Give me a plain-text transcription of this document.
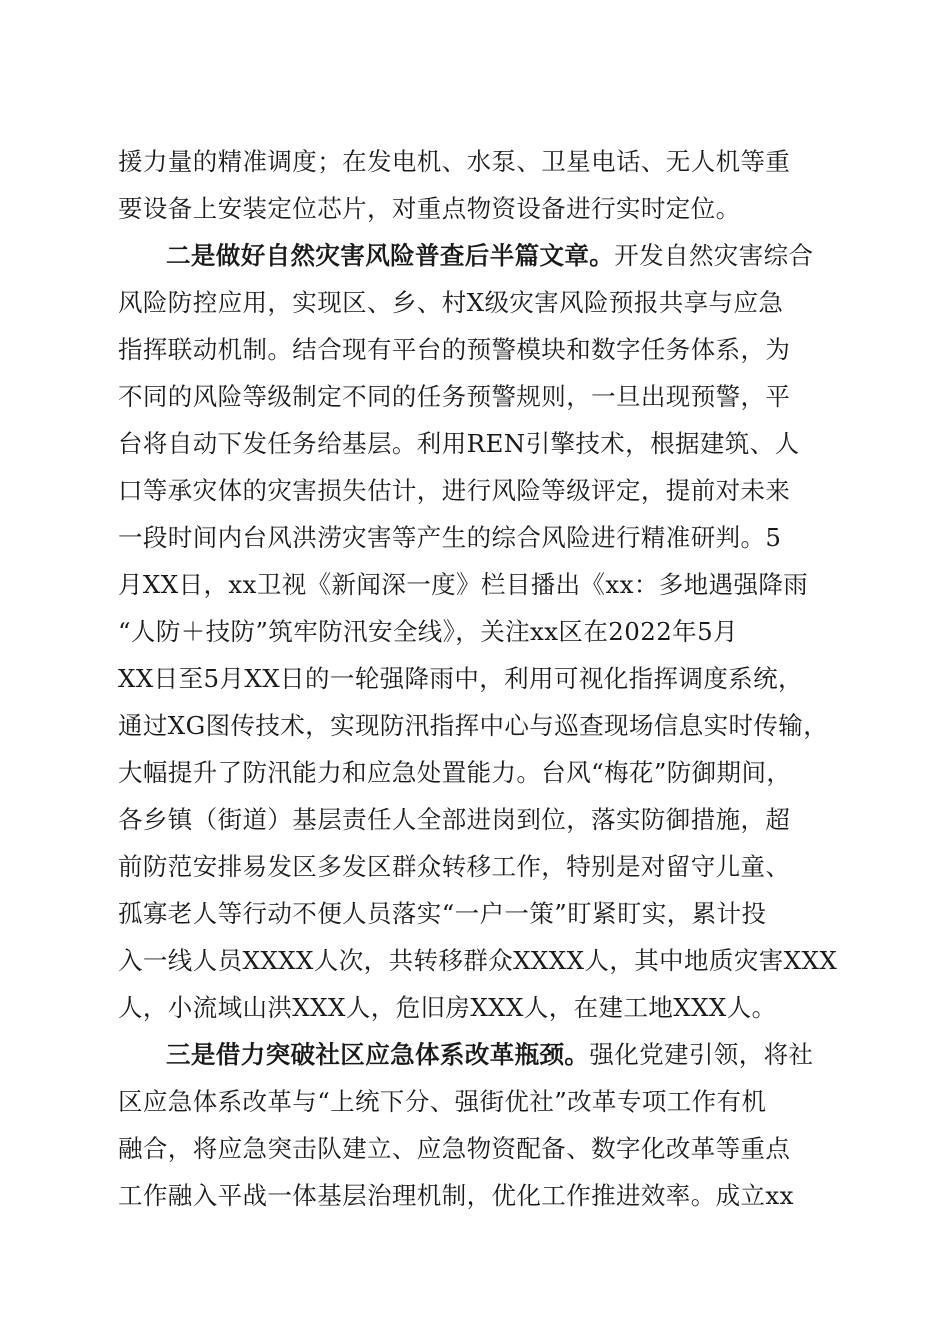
援力量的精准调度；在发电机、水泵、卫星电话、无人机等重
要设备上安装定位芯片，对重点物资设备进行实时定位。
二是做好自然灾害风险普查后半篇文章。开发自然灾害综合
风险防控应用，实现区、乡、村X级灾害风险预报共享与应急
指挥联动机制。结合现有平台的预警模块和数字任务体系，为
不同的风险等级制定不同的任务预警规则，一旦出现预警，平
台将自动下发任务给基层。利用REN引擎技术，根据建筑、人
口等承灾体的灾害损失估计，进行风险等级评定，提前对未来
一段时间内台风洪涝灾害等产生的综合风险进行精准研判。5
月XX日，xx卫视《新闻深一度》栏目播出《xx：多地遇强降雨
“人防＋技防”筑牢防汛安全线》，关注xx区在2022年5月
XX日至5月XX日的一轮强降雨中，利用可视化指挥调度系统，
通过XG图传技术，实现防汛指挥中心与巡查现场信息实时传输，
大幅提升了防汛能力和应急处置能力。台风“梅花”防御期间，
各乡镇（街道）基层责任人全部进岗到位，落实防御措施，超
前防范安排易发区多发区群众转移工作，特别是对留守儿童、
孤寡老人等行动不便人员落实“一户一策”盯紧盯实，累计投
入一线人员XXXX人次，共转移群众XXXX人，其中地质灾害XXX
人，小流域山洪XXX人，危旧房XXX人，在建工地XXX人。
三是借力突破社区应急体系改革瓶颈。强化党建引领，将社
区应急体系改革与“上统下分、强街优社”改革专项工作有机
融合，将应急突击队建立、应急物资配备、数字化改革等重点
工作融入平战一体基层治理机制，优化工作推进效率。成立xx
